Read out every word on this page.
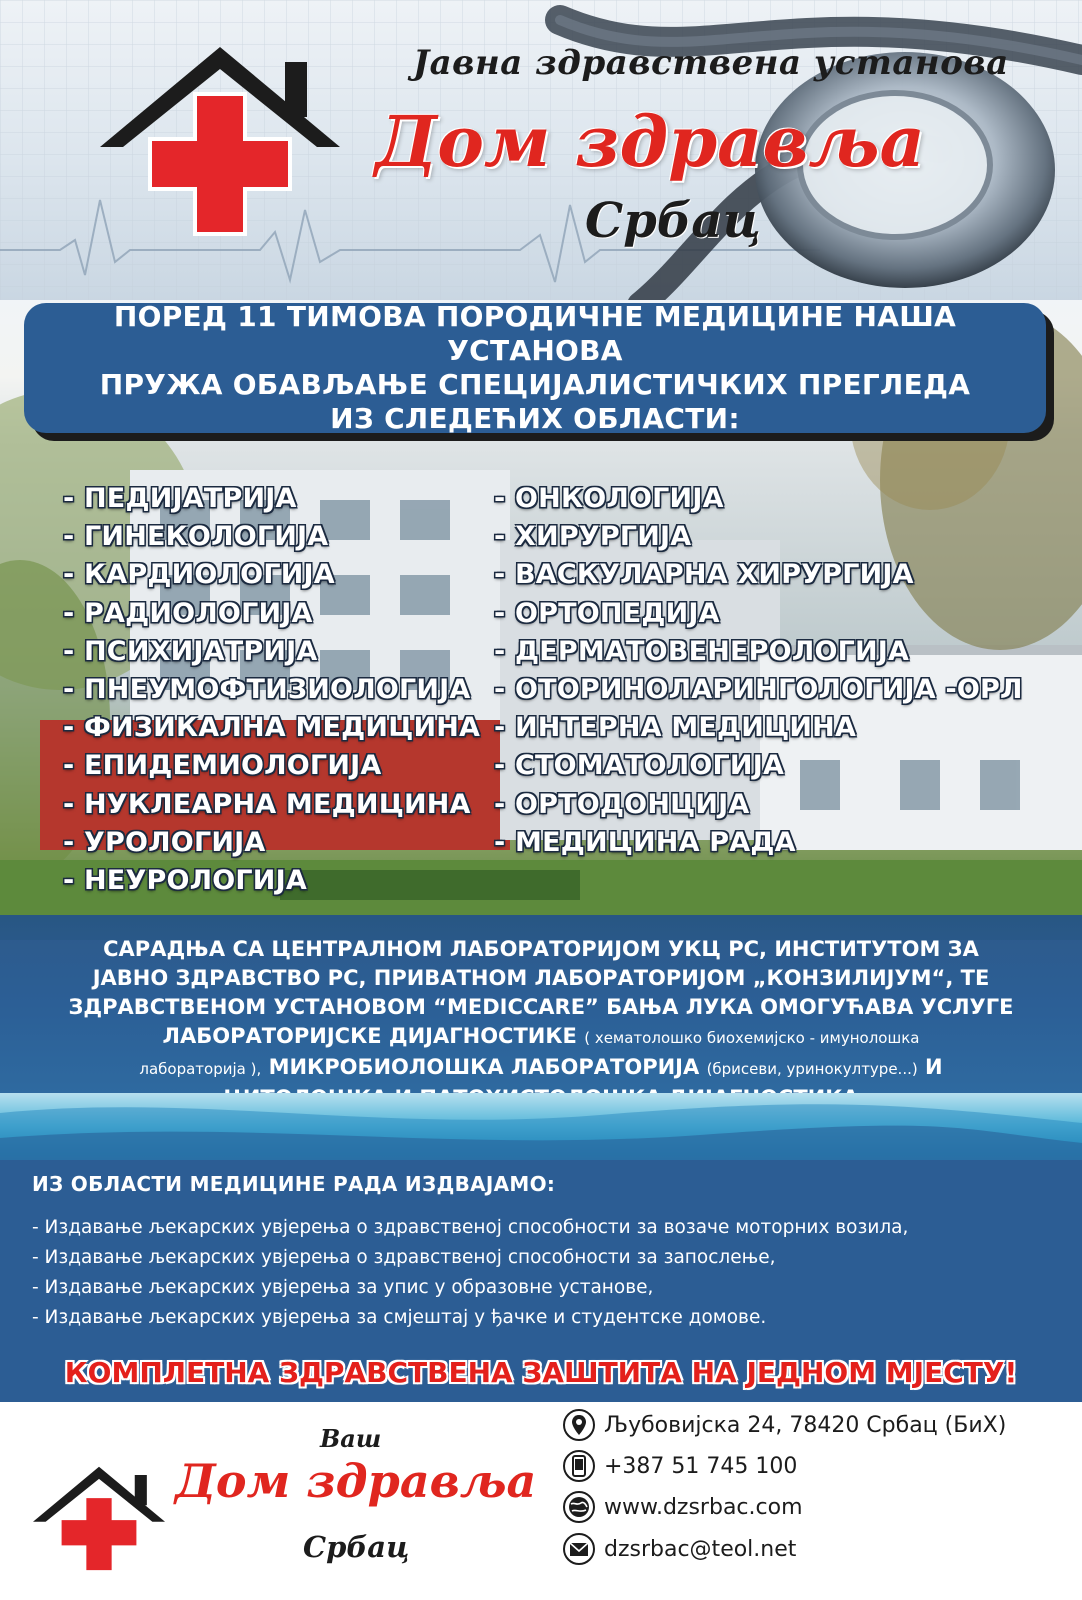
Јавна здравствена установа
Дом здравља
Србац
ПОРЕД 11 ТИМОВА ПОРОДИЧНЕ МЕДИЦИНЕ НАША УСТАНОВА
ПРУЖА ОБАВЉАЊЕ СПЕЦИЈАЛИСТИЧКИХ ПРЕГЛЕДА
ИЗ СЛЕДЕЋИХ ОБЛАСТИ:
- ПЕДИЈАТРИЈА
- ГИНЕКОЛОГИЈА
- КАРДИОЛОГИЈА
- РАДИОЛОГИЈА
- ПСИХИЈАТРИЈА
- ПНЕУМОФТИЗИОЛОГИЈА
- ФИЗИКАЛНА МЕДИЦИНА
- ЕПИДЕМИОЛОГИЈА
- НУКЛЕАРНА МЕДИЦИНА
- УРОЛОГИЈА
- НЕУРОЛОГИЈА
- ОНКОЛОГИЈА
- ХИРУРГИЈА
- ВАСКУЛАРНА ХИРУРГИЈА
- ОРТОПЕДИЈА
- ДЕРМАТОВЕНЕРОЛОГИЈА
- ОТОРИНОЛАРИНГОЛОГИЈА -ОРЛ
- ИНТЕРНА МЕДИЦИНА
- СТОМАТОЛОГИЈА
- ОРТОДОНЦИЈА
- МЕДИЦИНА РАДА
САРАДЊА СА ЦЕНТРАЛНОМ ЛАБОРАТОРИЈОМ УКЦ РС, ИНСТИТУТОМ ЗА
ЈАВНО ЗДРАВСТВО РС, ПРИВАТНОМ ЛАБОРАТОРИЈОМ „КОНЗИЛИЈУМ“, ТЕ
ЗДРАВСТВЕНОМ УСТАНОВОМ “MEDICCARE” БАЊА ЛУКА ОМОГУЋАВА УСЛУГЕ
ЛАБОРАТОРИЈСКЕ ДИЈАГНОСТИКЕ ( хематолошко биохемијско - имунолошка
лабораторија ), МИКРОБИОЛОШКА ЛАБОРАТОРИЈА (брисеви, уринокултуре...) И
ИЗ ОБЛАСТИ МЕДИЦИНЕ РАДА ИЗДВАЈАМО:
- Издавање љекарских увјерења о здравственој способности за возаче моторних возила,
- Издавање љекарских увјерења о здравственој способности за запослење,
- Издавање љекарских увјерења за упис у образовне установе,
- Издавање љекарских увјерења за смјештај у ђачке и студентске домове.
КОМПЛЕТНА ЗДРАВСТВЕНА ЗАШТИТА НА ЈЕДНОМ МЈЕСТУ!
Ваш
Дом здравља
Србац
Љубовијска 24, 78420 Србац (БиХ)
+387 51 745 100
www.dzsrbac.com
dzsrbac@teol.net
